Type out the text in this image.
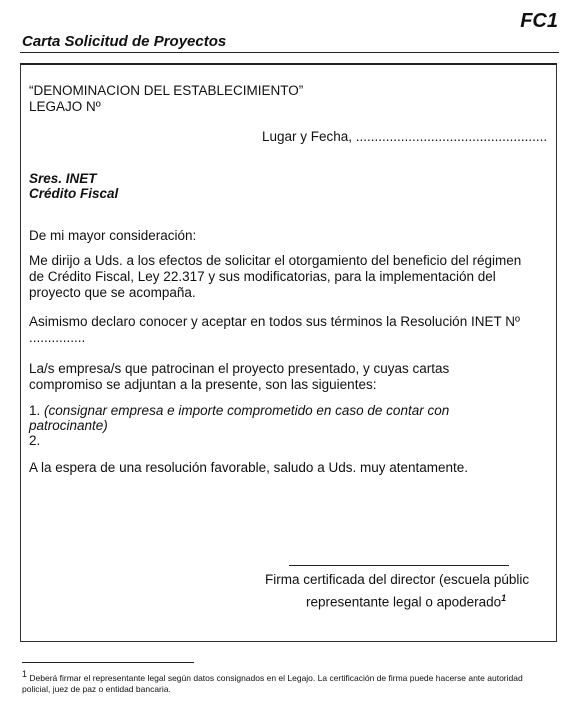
FC1
Carta Solicitud de Proyectos

“DENOMINACION DEL ESTABLECIMIENTO”

LEGAJO Nº

Lugar y Fecha, ...................................................

Sres. INET

Crédito Fiscal

De mi mayor consideración:

Me dirijo a Uds. a los efectos de solicitar el otorgamiento del beneficio del régimen

de Crédito Fiscal, Ley 22.317 y sus modificatorias, para la implementación del

proyecto que se acompaña.

Asimismo declaro conocer y aceptar en todos sus términos la Resolución INET Nº

...............

La/s empresa/s que patrocinan el proyecto presentado, y cuyas cartas

compromiso se adjuntan a la presente, son las siguientes:

1. (consignar empresa e importe comprometido en caso de contar con

patrocinante)

2.

A la espera de una resolución favorable, saludo a Uds. muy atentamente.

Firma certificada del director (escuela públic

representante legal o apoderado$^1$

$^1$ Deberá firmar el representante legal según datos consignados en el Legajo. La certificación de firma puede hacerse ante autoridad policial, juez de paz o entidad bancaria.
